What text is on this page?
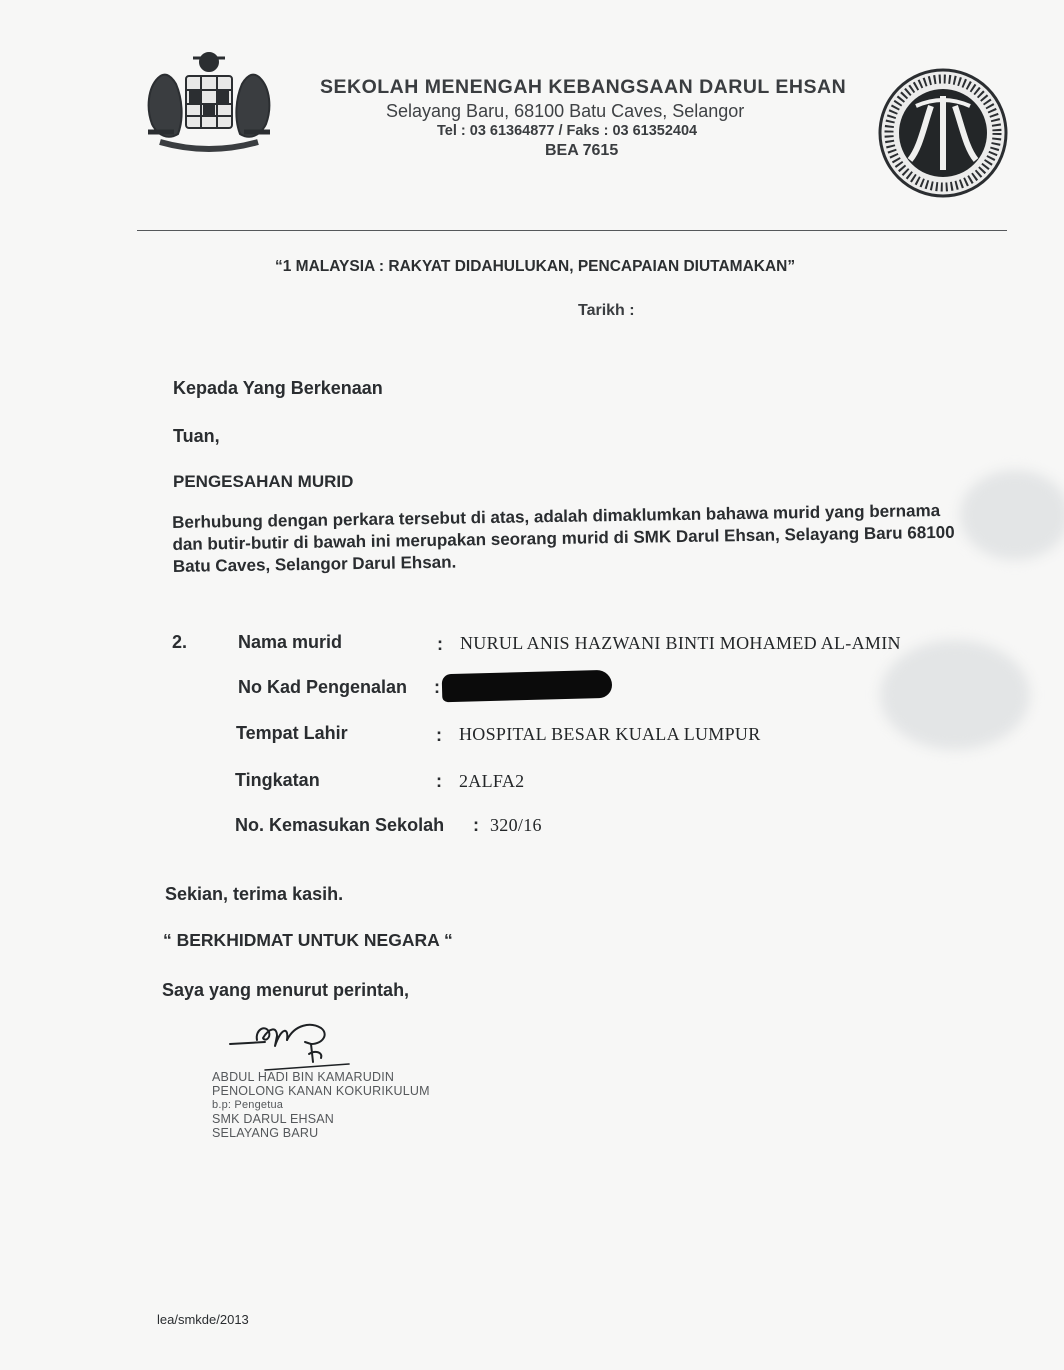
SEKOLAH MENENGAH KEBANGSAAN DARUL EHSAN
Selayang Baru, 68100 Batu Caves, Selangor
Tel : 03 61364877 / Faks : 03 61352404
BEA 7615
“1 MALAYSIA : RAKYAT DIDAHULUKAN, PENCAPAIAN DIUTAMAKAN”
Tarikh :
Kepada Yang Berkenaan
Tuan,
PENGESAHAN MURID
Berhubung dengan perkara tersebut di atas, adalah dimaklumkan bahawa murid yang bernama dan butir-butir di bawah ini merupakan seorang murid di SMK Darul Ehsan, Selayang Baru 68100 Batu Caves, Selangor Darul Ehsan.
2.	Nama murid	: NURUL ANIS HAZWANI BINTI MOHAMED AL-AMIN
No Kad Pengenalan :
Tempat Lahir	: HOSPITAL BESAR KUALA LUMPUR
Tingkatan	: 2ALFA2
No. Kemasukan Sekolah : 320/16
Sekian, terima kasih.
“ BERKHIDMAT UNTUK NEGARA “
Saya yang menurut perintah,
ABDUL HADI BIN KAMARUDIN
PENOLONG KANAN KOKURIKULUM
b.p: Pengetua
SMK DARUL EHSAN
SELAYANG BARU
lea/smkde/2013
